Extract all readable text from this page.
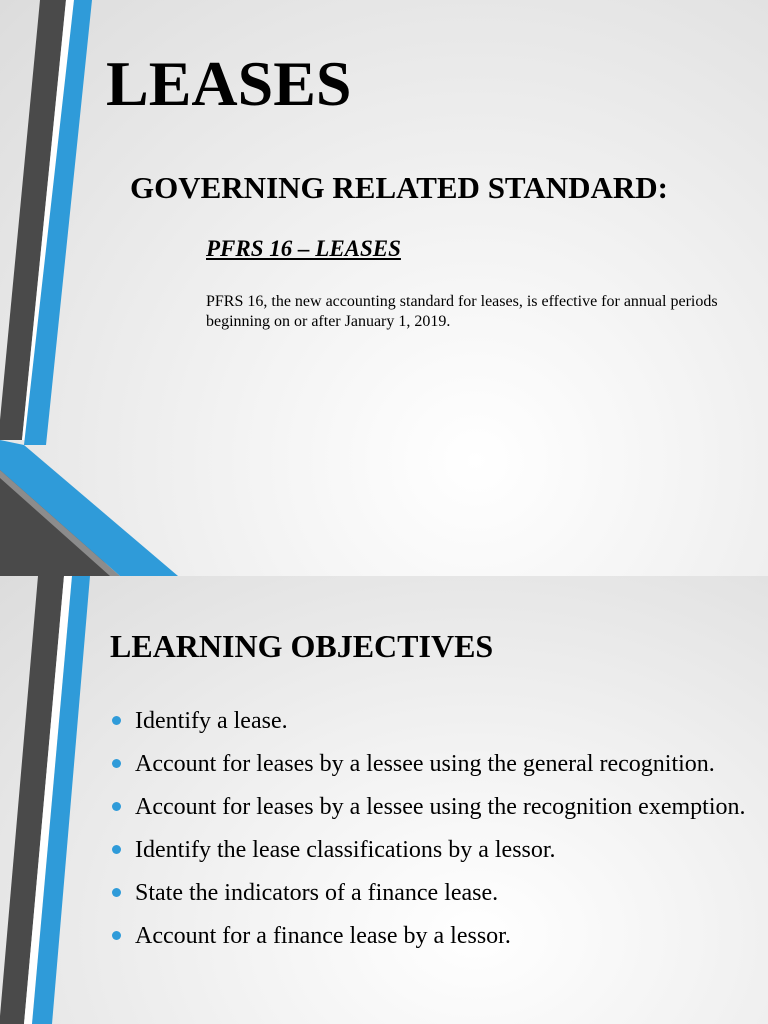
LEASES
GOVERNING RELATED STANDARD:
PFRS 16 – LEASES

PFRS 16, the new accounting standard for leases, is effective for annual periods beginning on or after January 1, 2019.

LEARNING OBJECTIVES
Identify a lease.
Account for leases by a lessee using the general recognition.
Account for leases by a lessee using the recognition exemption.
Identify the lease classifications by a lessor.
State the indicators of a finance lease.
Account for a finance lease by a lessor.
